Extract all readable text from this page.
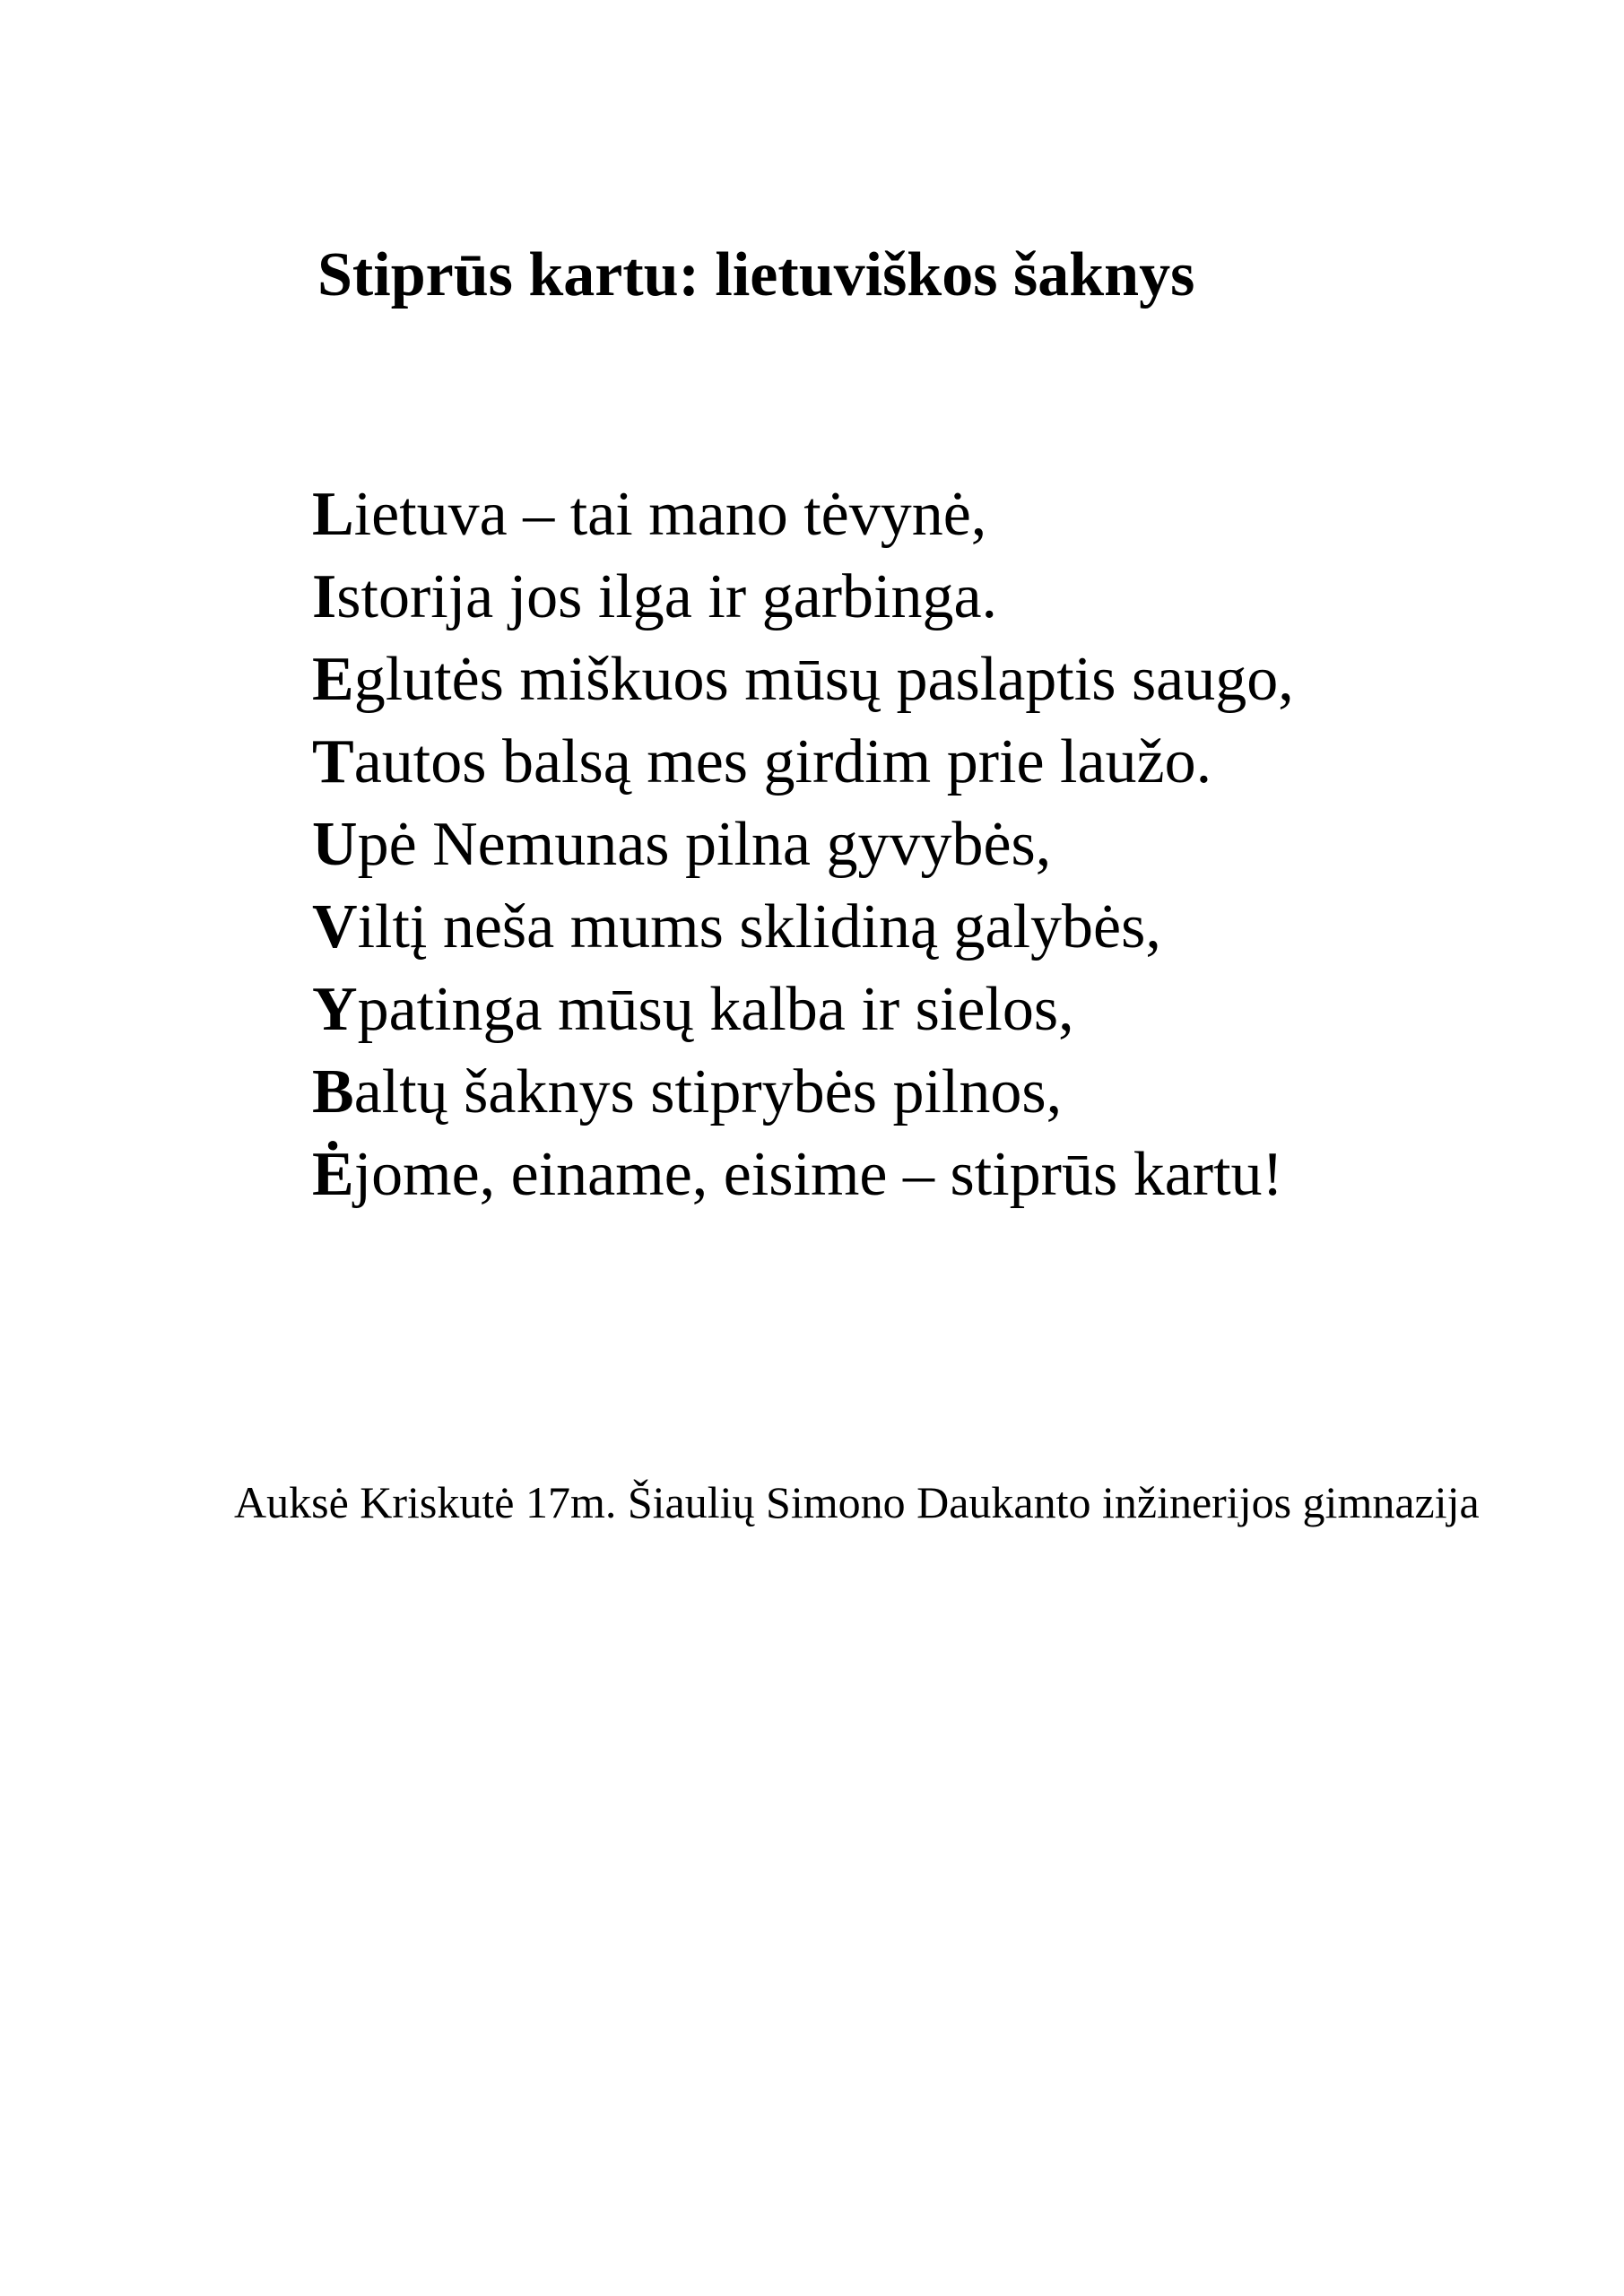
Stiprūs kartu: lietuviškos šaknys
Lietuva – tai mano tėvynė,
Istorija jos ilga ir garbinga.
Eglutės miškuos mūsų paslaptis saugo,
Tautos balsą mes girdim prie laužo.
Upė Nemunas pilna gyvybės,
Viltį neša mums sklidiną galybės,
Ypatinga mūsų kalba ir sielos,
Baltų šaknys stiprybės pilnos,
Ėjome, einame, eisime – stiprūs kartu!

Auksė Kriskutė 17m. Šiaulių Simono Daukanto inžinerijos gimnazija
